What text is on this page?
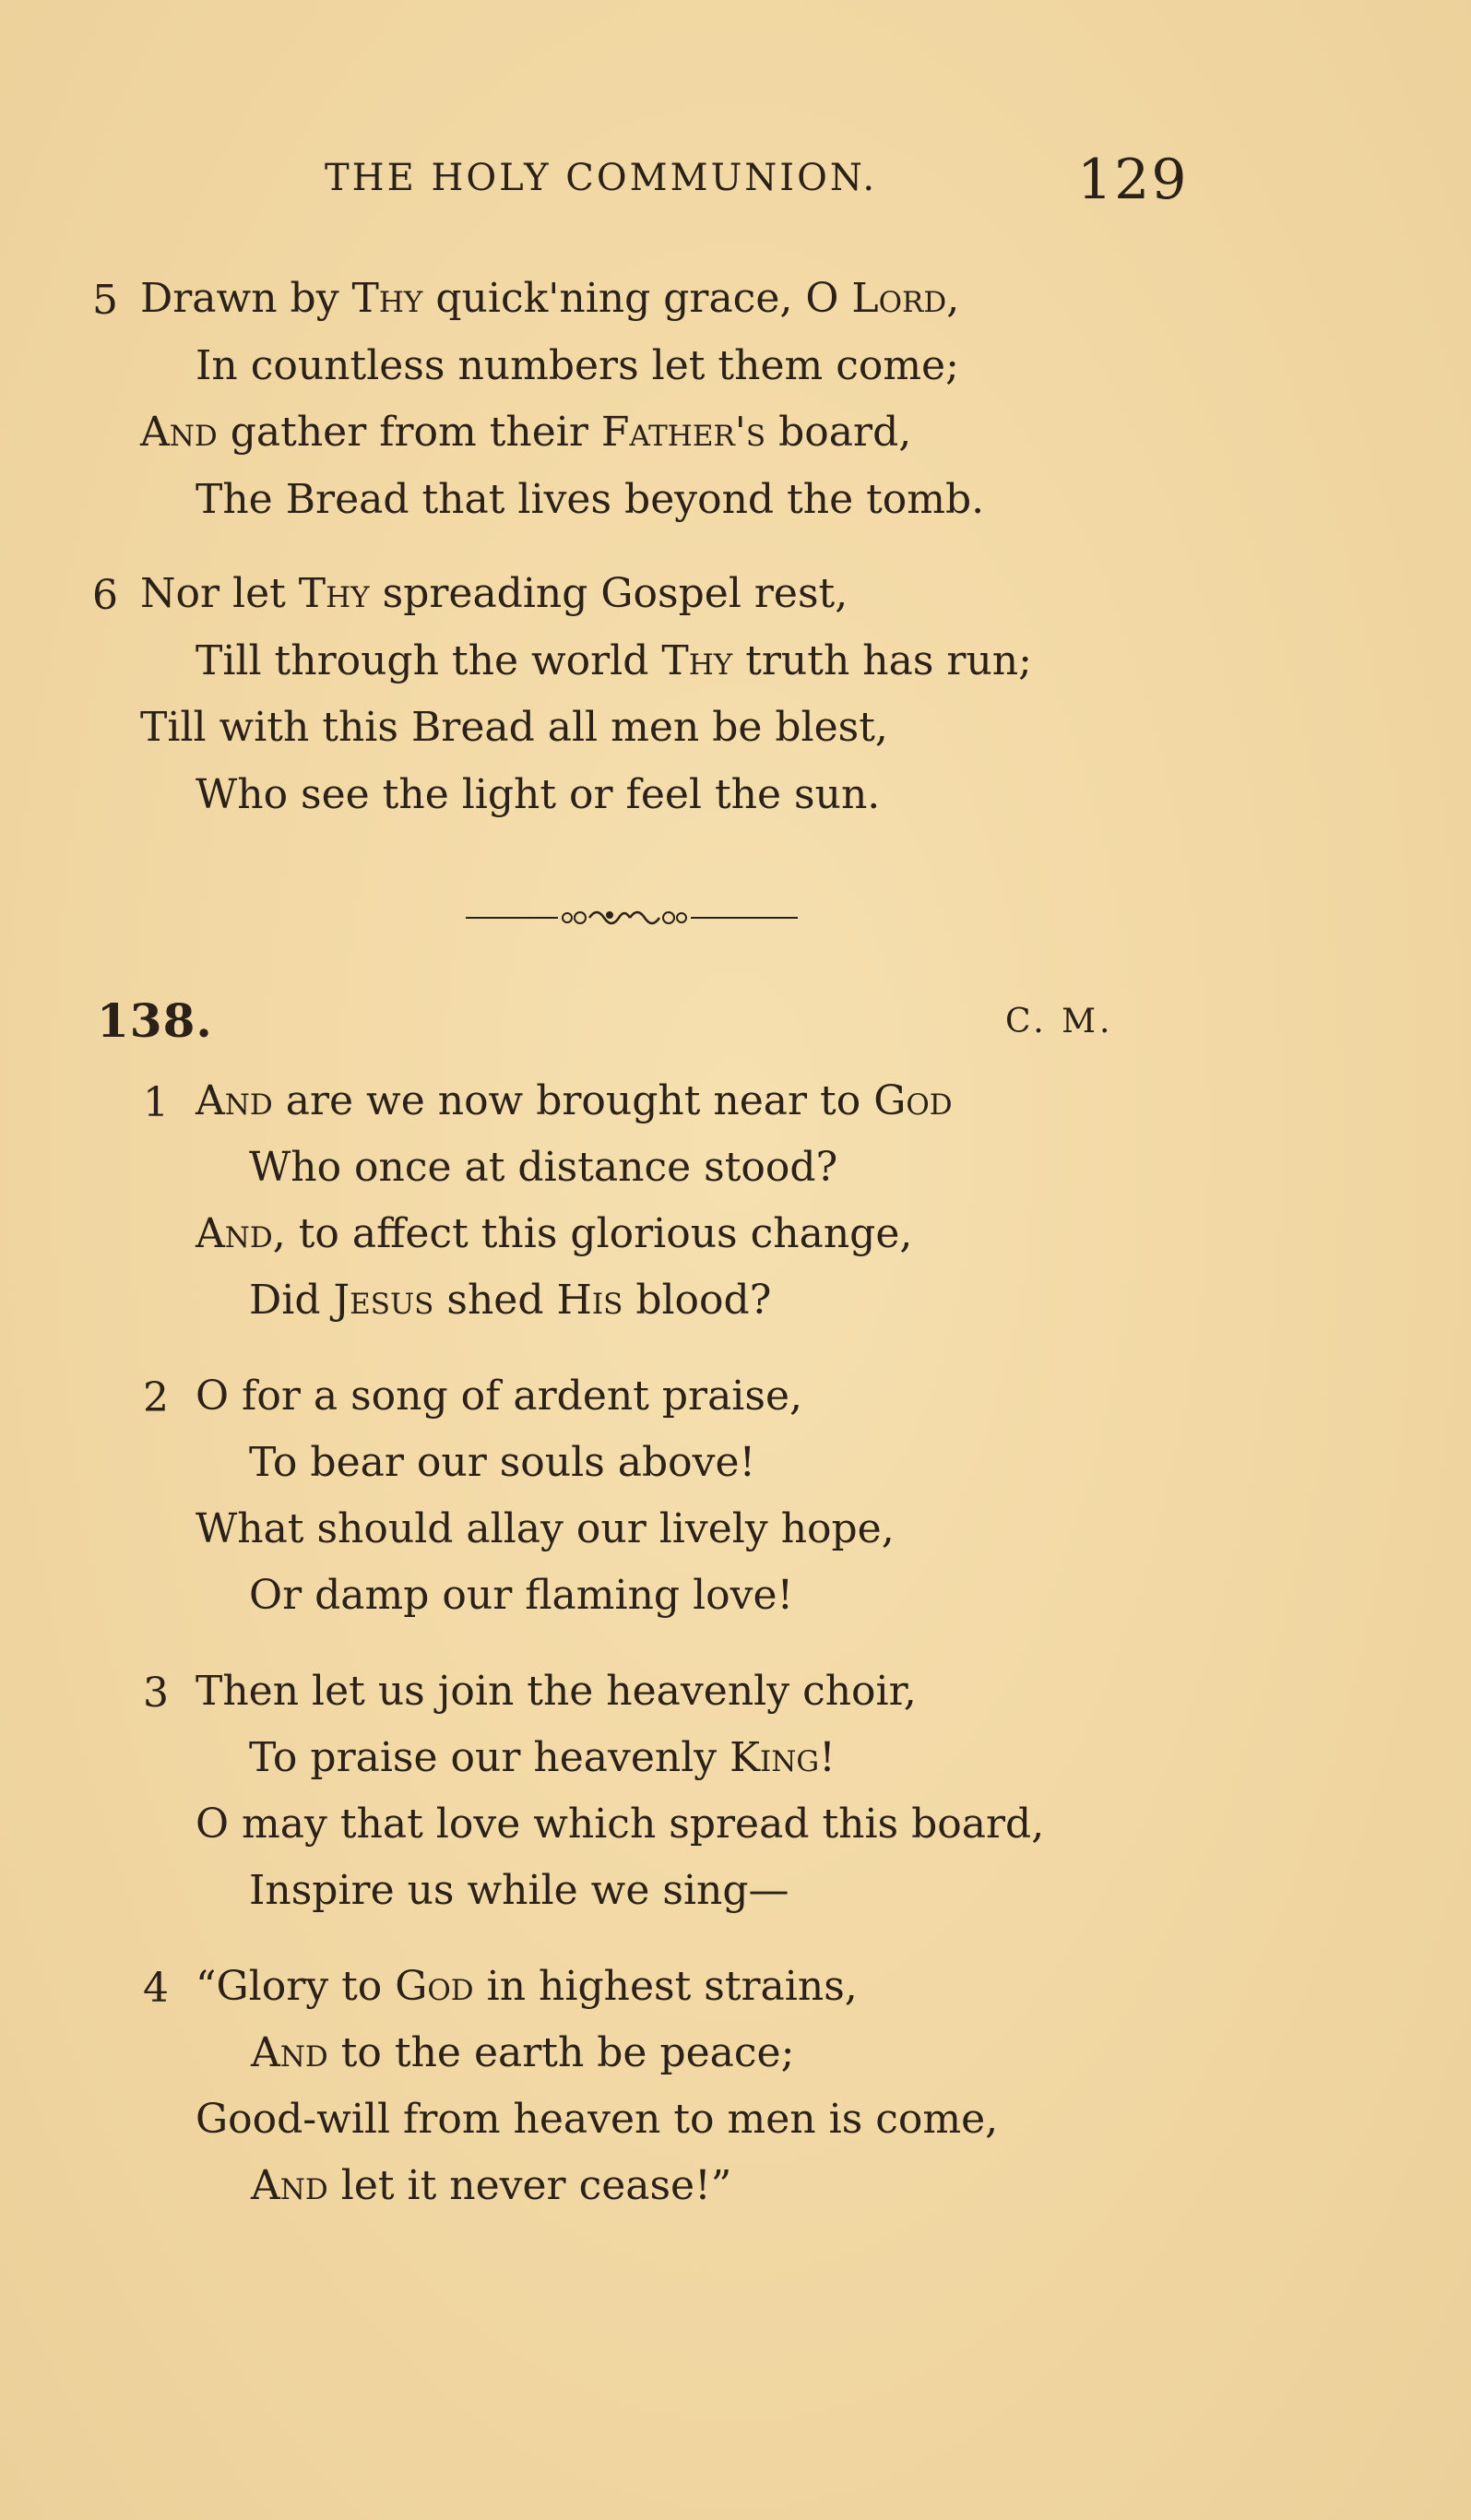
THE HOLY COMMUNION.	129
5 Drawn by Thy quick'ning grace, O Lord,
In countless numbers let them come;
And gather from their Father's board,
The Bread that lives beyond the tomb.
6 Nor let Thy spreading Gospel rest,
Till through the world Thy truth has run;
Till with this Bread all men be blest,
Who see the light or feel the sun.
138.	C. M.
1 And are we now brought near to God
Who once at distance stood?
And, to affect this glorious change,
Did Jesus shed His blood?
2 O for a song of ardent praise,
To bear our souls above!
What should allay our lively hope,
Or damp our flaming love!
3 Then let us join the heavenly choir,
To praise our heavenly King!
O may that love which spread this board,
Inspire us while we sing—
4 “Glory to God in highest strains,
And to the earth be peace;
Good-will from heaven to men is come,
And let it never cease!”
